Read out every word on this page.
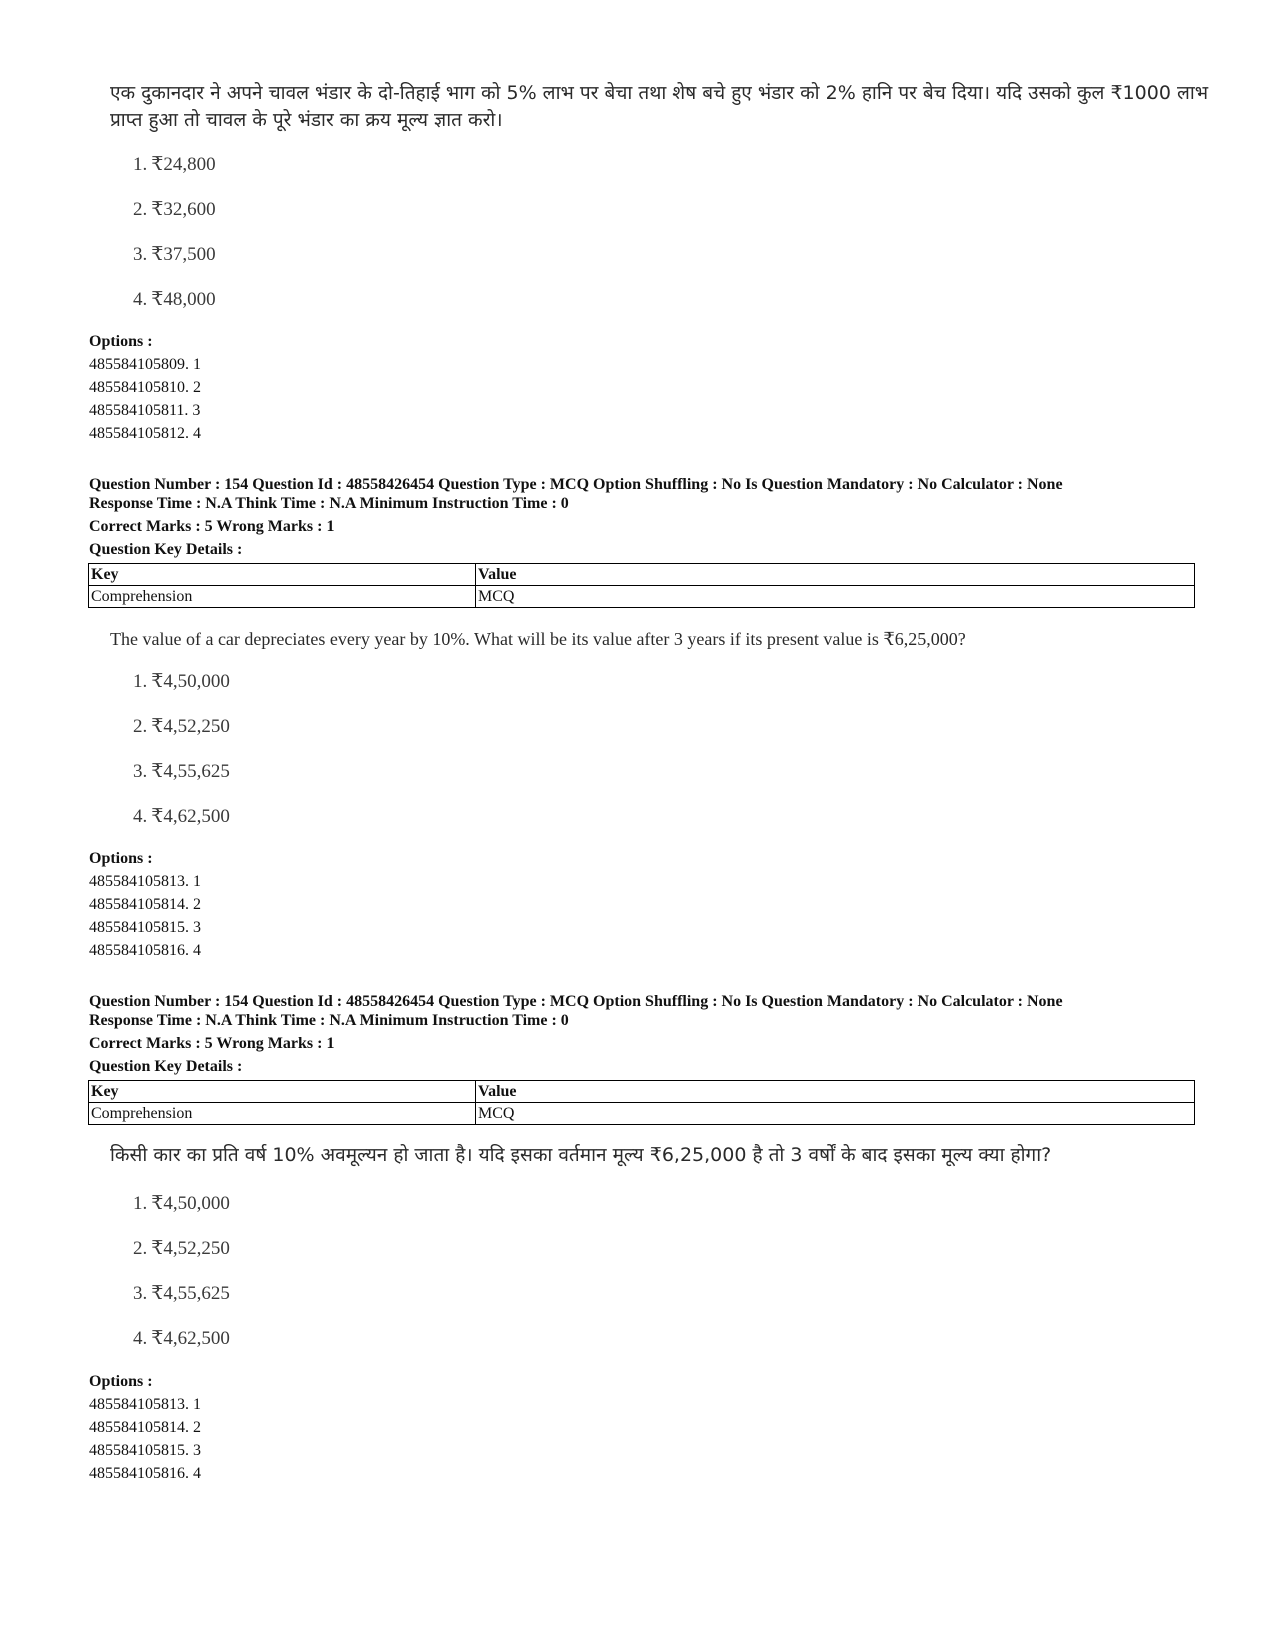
एक दुकानदार ने अपने चावल भंडार के दो-तिहाई भाग को 5% लाभ पर बेचा तथा शेष बचे हुए भंडार को 2% हानि पर बेच दिया। यदि उसको कुल ₹1000 लाभ प्राप्त हुआ तो चावल के पूरे भंडार का क्रय मूल्य ज्ञात करो।
1. ₹24,800
2. ₹32,600
3. ₹37,500
4. ₹48,000
Options :
485584105809. 1
485584105810. 2
485584105811. 3
485584105812. 4
Question Number : 154 Question Id : 48558426454 Question Type : MCQ Option Shuffling : No Is Question Mandatory : No Calculator : None
Response Time : N.A Think Time : N.A Minimum Instruction Time : 0
Correct Marks : 5 Wrong Marks : 1
Question Key Details :
Key	Value
Comprehension	MCQ
The value of a car depreciates every year by 10%. What will be its value after 3 years if its present value is ₹6,25,000?
1. ₹4,50,000
2. ₹4,52,250
3. ₹4,55,625
4. ₹4,62,500
Options :
485584105813. 1
485584105814. 2
485584105815. 3
485584105816. 4
Question Number : 154 Question Id : 48558426454 Question Type : MCQ Option Shuffling : No Is Question Mandatory : No Calculator : None
Response Time : N.A Think Time : N.A Minimum Instruction Time : 0
Correct Marks : 5 Wrong Marks : 1
Question Key Details :
Key	Value
Comprehension	MCQ
किसी कार का प्रति वर्ष 10% अवमूल्यन हो जाता है। यदि इसका वर्तमान मूल्य ₹6,25,000 है तो 3 वर्षों के बाद इसका मूल्य क्या होगा?
1. ₹4,50,000
2. ₹4,52,250
3. ₹4,55,625
4. ₹4,62,500
Options :
485584105813. 1
485584105814. 2
485584105815. 3
485584105816. 4
